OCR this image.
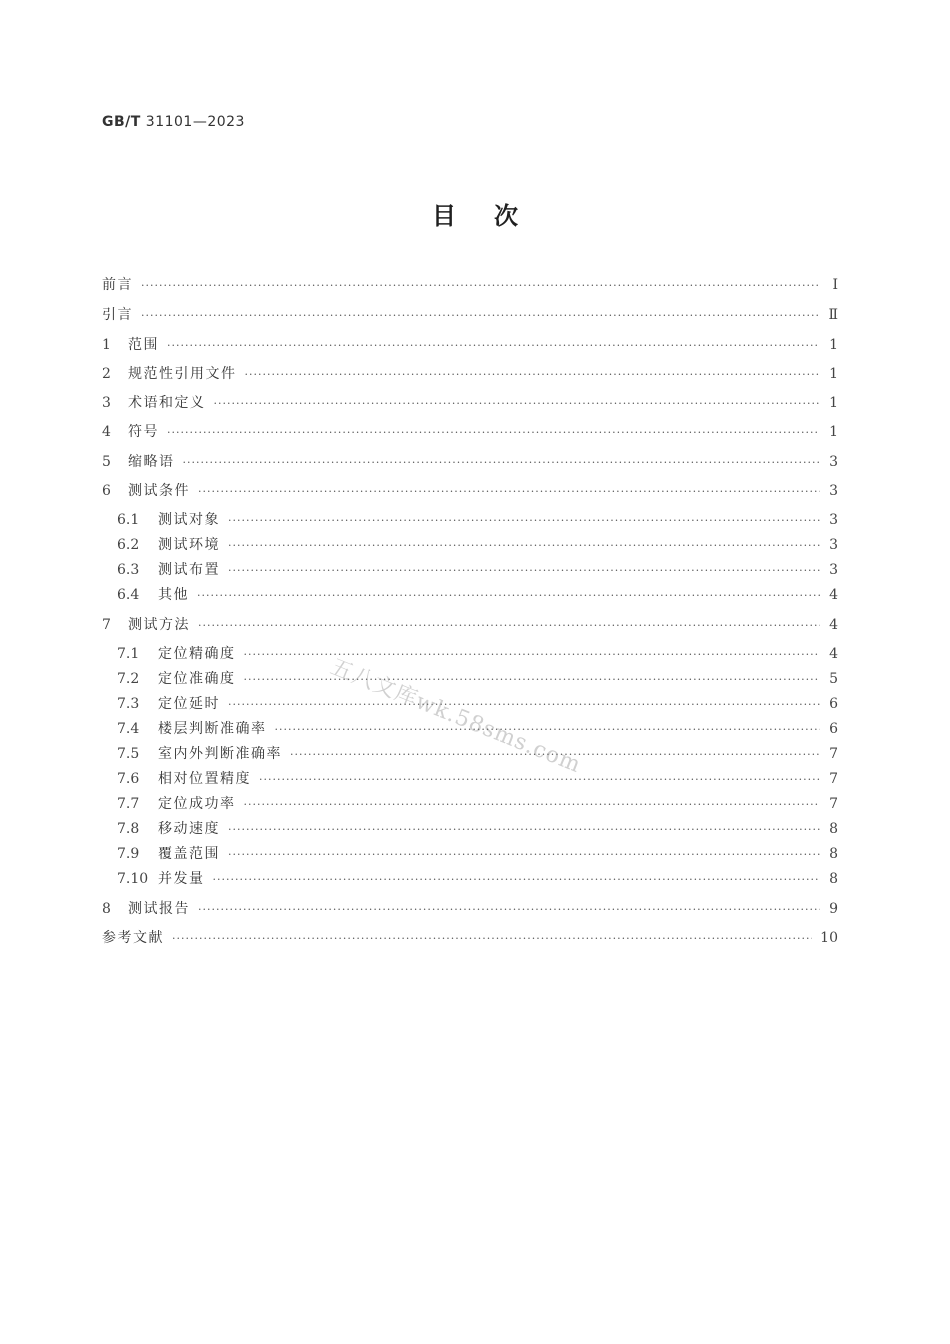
GB/T 31101—2023
目次
前言 ·····	Ⅰ
引言 ·····	Ⅱ
1	范围 ·····	1
2	规范性引用文件 ·····	1
3	术语和定义 ·····	1
4	符号 ·····	1
5	缩略语 ·····	3
6	测试条件 ·····	3
6.1	测试对象 ·····	3
6.2	测试环境 ·····	3
6.3	测试布置 ·····	3
6.4	其他 ·····	4
7	测试方法 ·····	4
7.1	定位精确度 ·····	4
7.2	定位准确度 ·····	5
7.3	定位延时 ·····	6
7.4	楼层判断准确率 ·····	6
7.5	室内外判断准确率 ·····	7
7.6	相对位置精度 ·····	7
7.7	定位成功率 ·····	7
7.8	移动速度 ·····	8
7.9	覆盖范围 ·····	8
7.10 并发量 ·····	8
8	测试报告 ·····	9
参考文献 ·····	10
五八文库wk.58sms.com
